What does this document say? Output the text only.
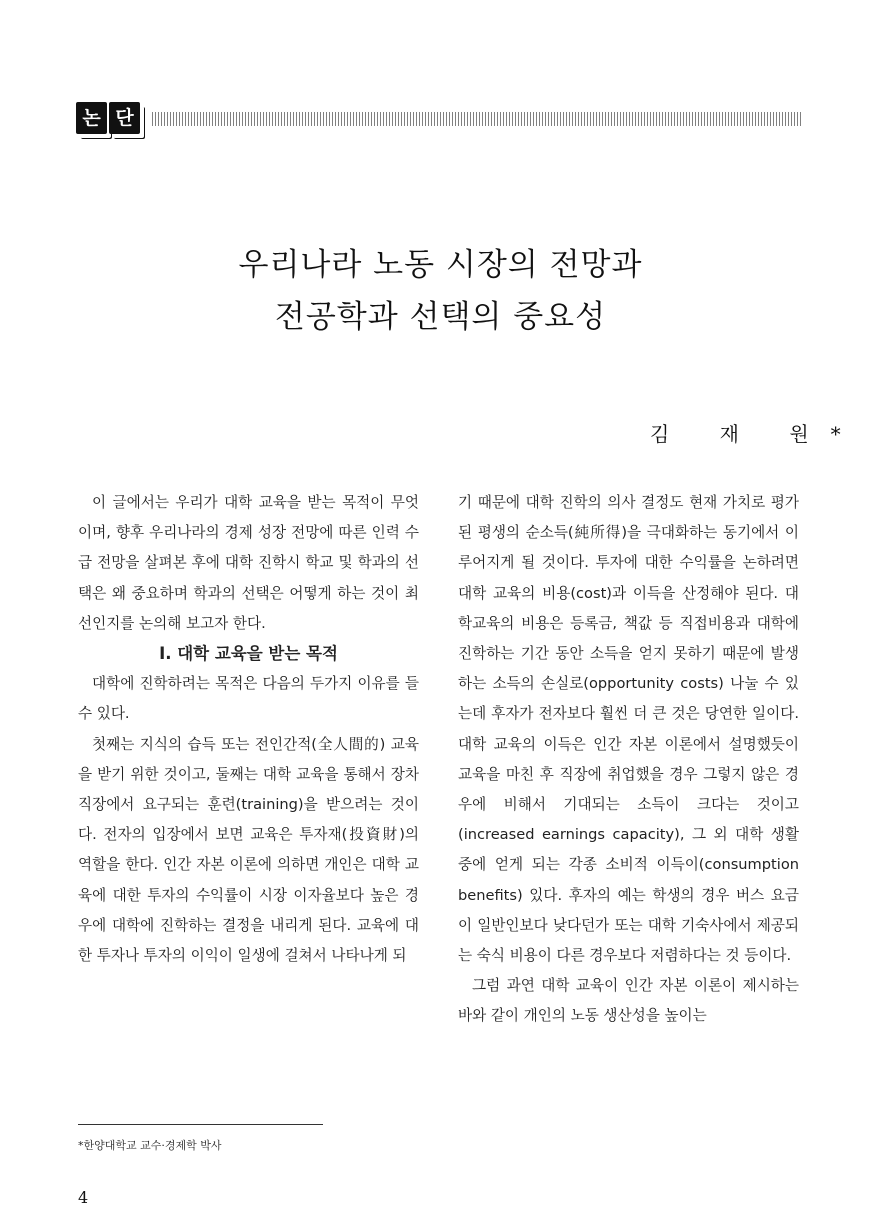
논 단
우리나라 노동 시장의 전망과
전공학과 선택의 중요성
김 재 원*

이 글에서는 우리가 대학 교육을 받는 목적이 무엇이며, 향후 우리나라의 경제 성장 전망에 따른 인력 수급 전망을 살펴본 후에 대학 진학시 학교 및 학과의 선택은 왜 중요하며 학과의 선택은 어떻게 하는 것이 최선인지를 논의해 보고자 한다.

Ⅰ. 대학 교육을 받는 목적

대학에 진학하려는 목적은 다음의 두가지 이유를 들 수 있다.

첫째는 지식의 습득 또는 전인간적(全人間的) 교육을 받기 위한 것이고, 둘째는 대학 교육을 통해서 장차 직장에서 요구되는 훈련(training)을 받으려는 것이다. 전자의 입장에서 보면 교육은 투자재(投資財)의 역할을 한다. 인간 자본 이론에 의하면 개인은 대학 교육에 대한 투자의 수익률이 시장 이자율보다 높은 경우에 대학에 진학하는 결정을 내리게 된다. 교육에 대한 투자나 투자의 이익이 일생에 걸쳐서 나타나게 되

기 때문에 대학 진학의 의사 결정도 현재 가치로 평가된 평생의 순소득(純所得)을 극대화하는 동기에서 이루어지게 될 것이다. 투자에 대한 수익률을 논하려면 대학 교육의 비용(cost)과 이득을 산정해야 된다. 대학교육의 비용은 등록금, 책값 등 직접비용과 대학에 진학하는 기간 동안 소득을 얻지 못하기 때문에 발생하는 소득의 손실로(opportunity costs) 나눌 수 있는데 후자가 전자보다 훨씬 더 큰 것은 당연한 일이다. 대학 교육의 이득은 인간 자본 이론에서 설명했듯이 교육을 마친 후 직장에 취업했을 경우 그렇지 않은 경우에 비해서 기대되는 소득이 크다는 것이고(increased earnings capacity), 그 외 대학 생활 중에 얻게 되는 각종 소비적 이득이(consumption benefits) 있다. 후자의 예는 학생의 경우 버스 요금이 일반인보다 낮다던가 또는 대학 기숙사에서 제공되는 숙식 비용이 다른 경우보다 저렴하다는 것 등이다.

그럼 과연 대학 교육이 인간 자본 이론이 제시하는 바와 같이 개인의 노동 생산성을 높이는

*한양대학교 교수·경제학 박사
4
